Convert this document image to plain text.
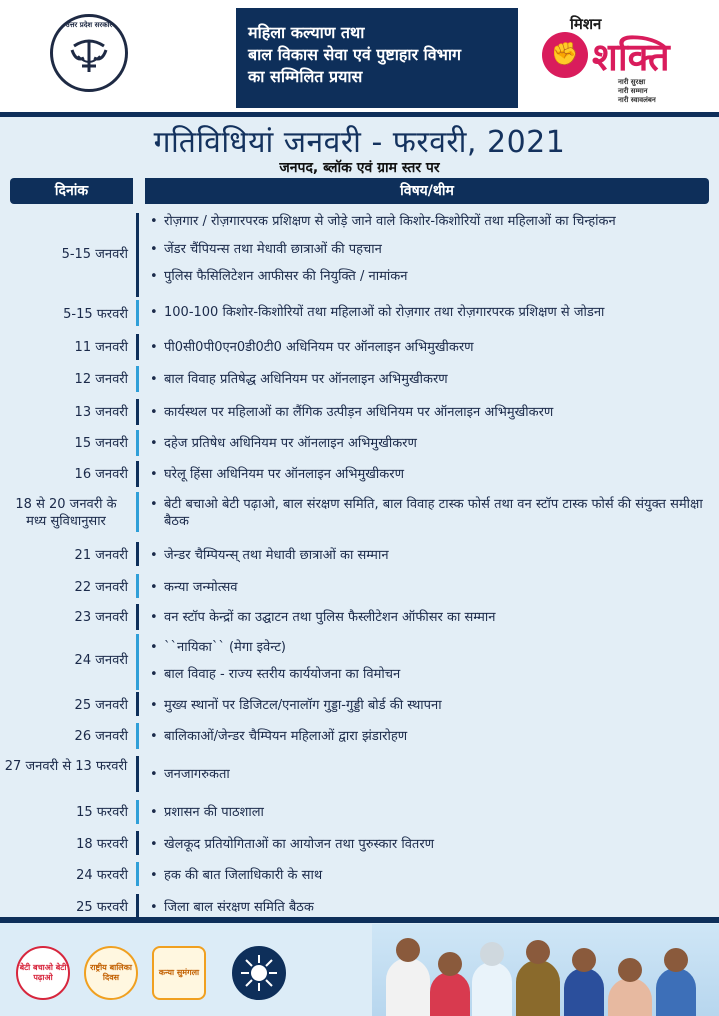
उत्तर प्रदेश सरकार	महिला कल्याण तथा
बाल विकास सेवा एवं पुष्टाहार विभाग
का सम्मिलित प्रयास
✊
मिशन
शक्ति
नारी सुरक्षा
नारी सम्मान
नारी स्वावलंबन
गतिविधियां जनवरी - फरवरी, 2021
जनपद, ब्लॉक एवं ग्राम स्तर पर
दिनांक	विषय/थीम
5-15 जनवरी
• रोज़गार / रोज़गारपरक प्रशिक्षण से जोड़े जाने वाले किशोर-किशोरियों तथा महिलाओं का चिन्हांकन
• जेंडर चैंपियन्स तथा मेधावी छात्राओं की पहचान
• पुलिस फैसिलिटेशन आफीसर की नियुक्ति / नामांकन
5-15 फरवरी	• 100-100 किशोर-किशोरियों तथा महिलाओं को रोज़गार तथा रोज़गारपरक प्रशिक्षण से जोडना
11 जनवरी	• पी0सी0पी0एन0डी0टी0 अधिनियम पर ऑनलाइन अभिमुखीकरण
12 जनवरी	• बाल विवाह प्रतिषेद्ध अधिनियम पर ऑनलाइन अभिमुखीकरण
13 जनवरी	• कार्यस्थल पर महिलाओं का लैंगिक उत्पीड़न अधिनियम पर ऑनलाइन अभिमुखीकरण
15 जनवरी	• दहेज प्रतिषेध अधिनियम पर ऑनलाइन अभिमुखीकरण
16 जनवरी	• घरेलू हिंसा अधिनियम पर ऑनलाइन अभिमुखीकरण
18 से 20 जनवरी के मध्य सुविधानुसार
• बेटी बचाओ बेटी पढ़ाओ, बाल संरक्षण समिति, बाल विवाह टास्क फोर्स तथा वन स्टॉप टास्क फोर्स की संयुक्त समीक्षा बैठक
21 जनवरी	• जेन्डर चैम्पियन्स् तथा मेधावी छात्राओं का सम्मान
22 जनवरी	• कन्या जन्मोत्सव
23 जनवरी	• वन स्टॉप केन्द्रों का उद्घाटन तथा पुलिस फैस्लीटेशन ऑफीसर का सम्मान
24 जनवरी
• ``नायिका`` (मेगा इवेन्ट)
• बाल विवाह - राज्य स्तरीय कार्ययोजना का विमोचन
25 जनवरी	• मुख्य स्थानों पर डिजिटल/एनालॉग गुड्डा-गुड्डी बोर्ड की स्थापना
26 जनवरी	• बालिकाओं/जेन्डर चैम्पियन महिलाओं द्वारा झंडारोहण
27 जनवरी से 13 फरवरी
• जनजागरुकता
15 फरवरी	• प्रशासन की पाठशाला
18 फरवरी	• खेलकूद प्रतियोगिताओं का आयोजन तथा पुरुस्कार वितरण
24 फरवरी	• हक की बात जिलाधिकारी के साथ
25 फरवरी	• जिला बाल संरक्षण समिति बैठक
बेटी बचाओ बेटी पढ़ाओ
राष्ट्रीय बालिका दिवस
कन्या सुमंगला
